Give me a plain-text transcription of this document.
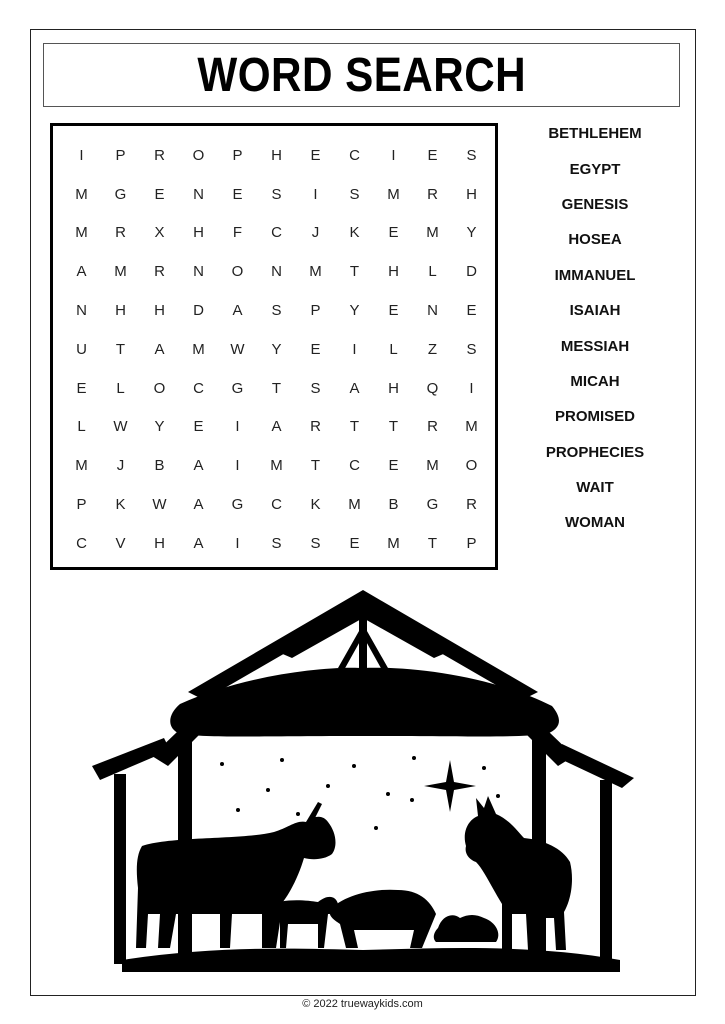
WORD SEARCH
I	P	R	O	P	H	E	C	I	E	S
M	G	E	N	E	S	I	S	M	R	H
M	R	X	H	F	C	J	K	E	M	Y
A	M	R	N	O	N	M	T	H	L	D
N	H	H	D	A	S	P	Y	E	N	E
U	T	A	M	W	Y	E	I	L	Z	S
E	L	O	C	G	T	S	A	H	Q	I
L	W	Y	E	I	A	R	T	T	R	M
M	J	B	A	I	M	T	C	E	M	O
P	K	W	A	G	C	K	M	B	G	R
C	V	H	A	I	S	S	E	M	T	P
BETHLEHEM
EGYPT
GENESIS
HOSEA
IMMANUEL
ISAIAH
MESSIAH
MICAH
PROMISED
PROPHECIES
WAIT
WOMAN
© 2022 truewaykids.com
